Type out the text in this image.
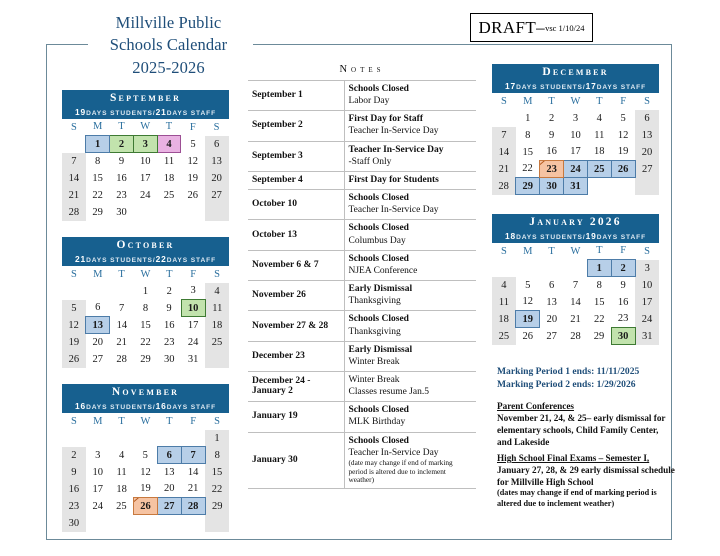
Millville Public
Schools Calendar
2025-2026
DRAFT– vsc 1/10/24
September
19DAYS STUDENTS/21DAYS STAFF
S	M	T	W	T	F	S
	1	2	3	4	5	6
7	8	9	10	11	12	13
14	15	16	17	18	19	20
21	22	23	24	25	26	27
28	29	30				
October
21DAYS STUDENTS/22DAYS STAFF
S	M	T	W	T	F	S
			1	2	3	4
5	6	7	8	9	10	11
12	13	14	15	16	17	18
19	20	21	22	23	24	25
26	27	28	29	30	31	
November
16DAYS STUDENTS/16DAYS STAFF
S	M	T	W	T	F	S
						1
2	3	4	5	6	7	8
9	10	11	12	13	14	15
16	17	18	19	20	21	22
23	24	25	26	27	28	29
30						
December
17DAYS STUDENTS/17DAYS STAFF
S	M	T	W	T	F	S
	1	2	3	4	5	6
7	8	9	10	11	12	13
14	15	16	17	18	19	20
21	22	23	24	25	26	27
28	29	30	31			
January 2026
18DAYS STUDENTS/19DAYS STAFF
S	M	T	W	T	F	S
				1	2	3
4	5	6	7	8	9	10
11	12	13	14	15	16	17
18	19	20	21	22	23	24
25	26	27	28	29	30	31
Notes
September 1	Schools Closed
Labor Day

September 2	First Day for Staff
Teacher In-Service Day

September 3	Teacher In-Service Day
-Staff Only

September 4	First Day for Students

October 10	Schools Closed
Teacher In-Service Day

October 13	Schools Closed
Columbus Day

November 6 & 7	Schools Closed
NJEA Conference

November 26	Early Dismissal
Thanksgiving

November 27 & 28	Schools Closed
Thanksgiving

December 23	Early Dismissal
Winter Break

December 24 - January 2	Winter Break
Classes resume Jan.5

January 19	Schools Closed
MLK Birthday

January 30	Schools Closed
Teacher In-Service Day
(date may change if end of marking period is altered due to inclement weather)
Marking Period 1 ends: 11/11/2025
Marking Period 2 ends: 1/29/2026
Parent Conferences
November 21, 24, & 25– early dismissal for elementary schools, Child Family Center, and Lakeside
High School Final Exams – Semester I,
January 27, 28, & 29 early dismissal schedule for Millville High School
(dates may change if end of marking period is altered due to inclement weather)
